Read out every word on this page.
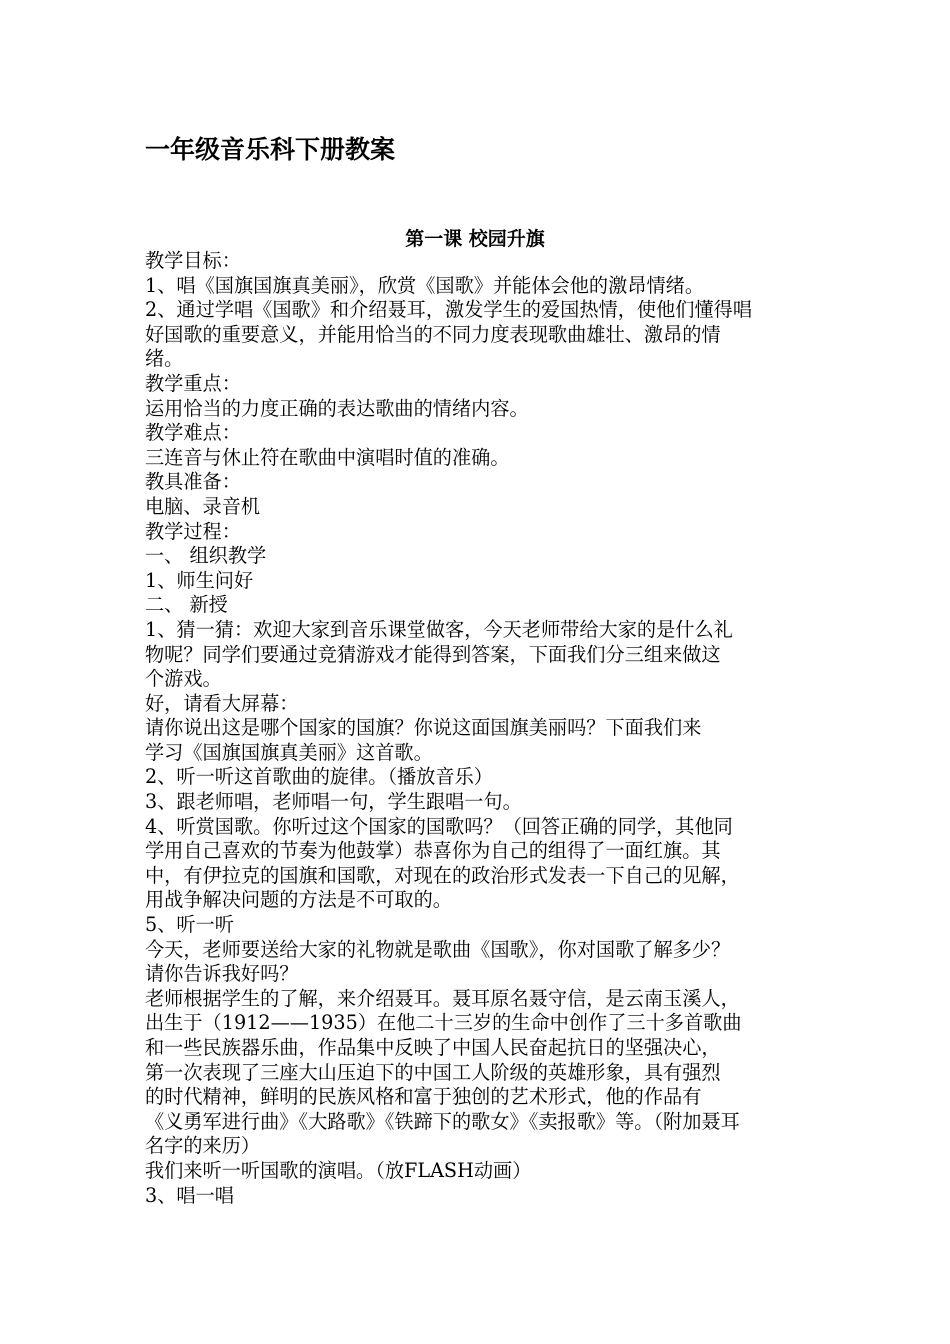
一年级音乐科下册教案
第一课 校园升旗
教学目标：
1、唱《国旗国旗真美丽》，欣赏《国歌》并能体会他的激昂情绪。
2、通过学唱《国歌》和介绍聂耳，激发学生的爱国热情，使他们懂得唱
好国歌的重要意义，并能用恰当的不同力度表现歌曲雄壮、激昂的情
绪。
教学重点：
运用恰当的力度正确的表达歌曲的情绪内容。
教学难点：
三连音与休止符在歌曲中演唱时值的准确。
教具准备：
电脑、录音机
教学过程：
一、 组织教学
1、师生问好
二、 新授
1、猜一猜：欢迎大家到音乐课堂做客，今天老师带给大家的是什么礼
物呢？同学们要通过竞猜游戏才能得到答案，下面我们分三组来做这
个游戏。
好，请看大屏幕：
请你说出这是哪个国家的国旗？你说这面国旗美丽吗？下面我们来
学习《国旗国旗真美丽》这首歌。
2、听一听这首歌曲的旋律。（播放音乐）
3、跟老师唱，老师唱一句，学生跟唱一句。
4、听赏国歌。你听过这个国家的国歌吗？（回答正确的同学，其他同
学用自己喜欢的节奏为他鼓掌）恭喜你为自己的组得了一面红旗。其
中，有伊拉克的国旗和国歌，对现在的政治形式发表一下自己的见解，
用战争解决问题的方法是不可取的。
5、听一听
今天，老师要送给大家的礼物就是歌曲《国歌》，你对国歌了解多少？
请你告诉我好吗？
老师根据学生的了解，来介绍聂耳。聂耳原名聂守信，是云南玉溪人，
出生于（1912——1935）在他二十三岁的生命中创作了三十多首歌曲
和一些民族器乐曲，作品集中反映了中国人民奋起抗日的坚强决心，
第一次表现了三座大山压迫下的中国工人阶级的英雄形象，具有强烈
的时代精神，鲜明的民族风格和富于独创的艺术形式，他的作品有
《义勇军进行曲》《大路歌》《铁蹄下的歌女》《卖报歌》等。（附加聂耳
名字的来历）
我们来听一听国歌的演唱。（放FLASH动画）
3、唱一唱
